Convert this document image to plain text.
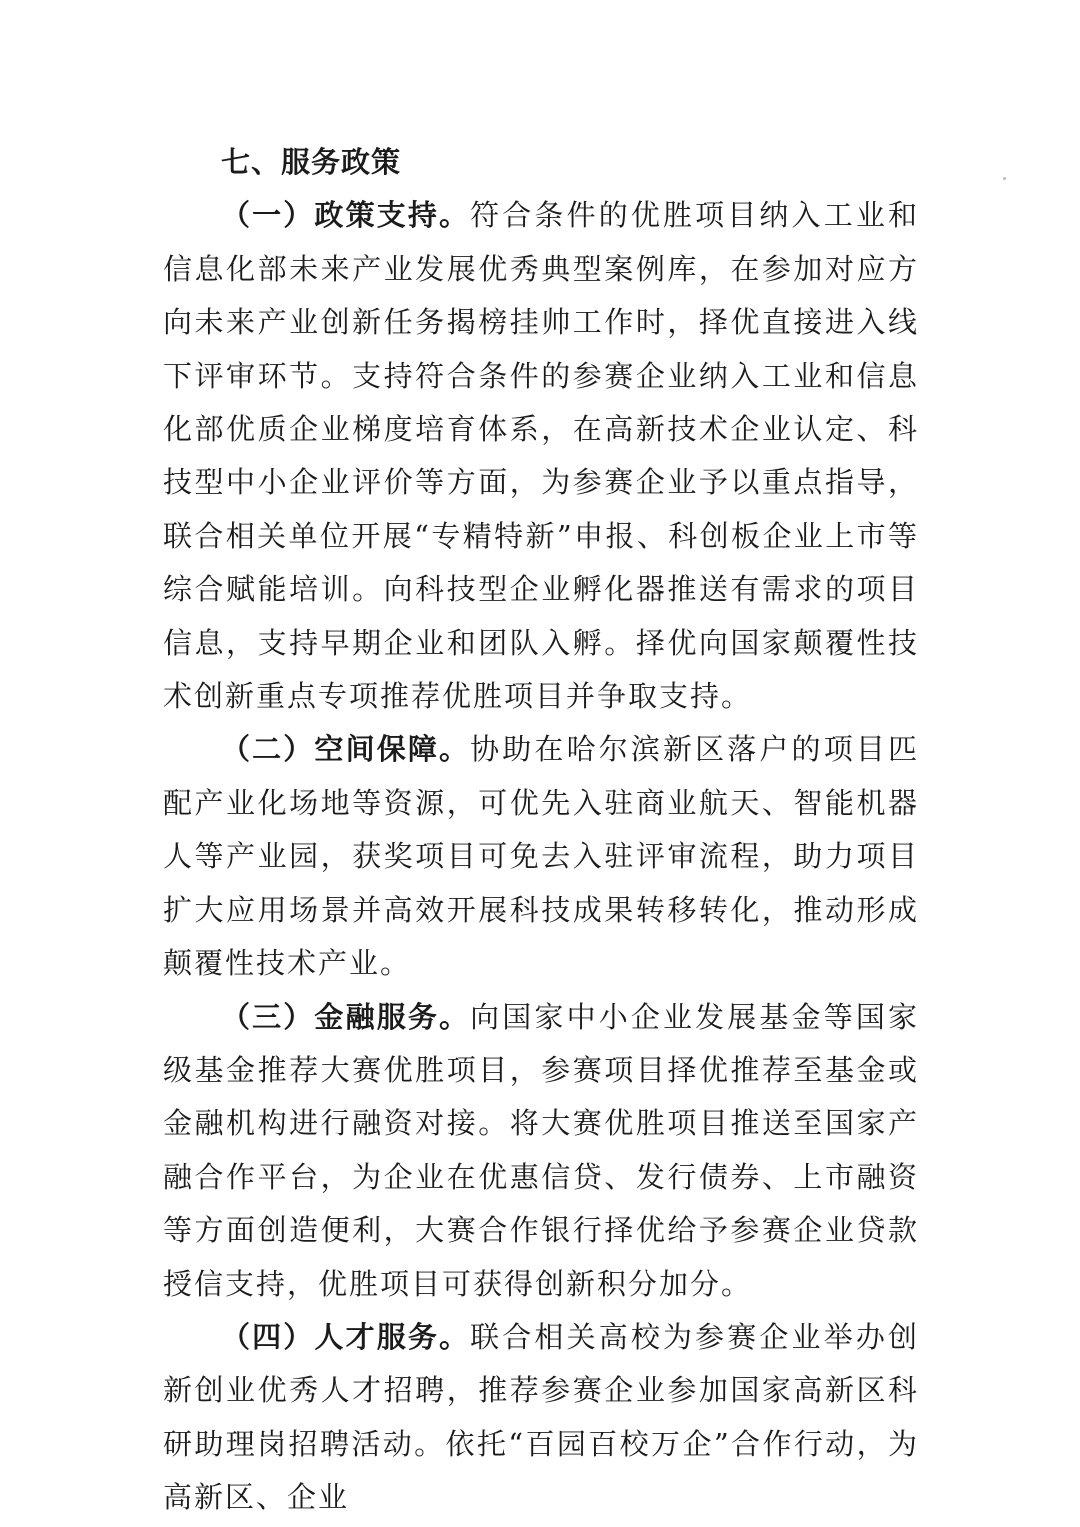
七、服务政策

（一）政策支持。符合条件的优胜项目纳入工业和信息化部未来产业发展优秀典型案例库，在参加对应方向未来产业创新任务揭榜挂帅工作时，择优直接进入线下评审环节。支持符合条件的参赛企业纳入工业和信息化部优质企业梯度培育体系，在高新技术企业认定、科技型中小企业评价等方面，为参赛企业予以重点指导，联合相关单位开展“专精特新”申报、科创板企业上市等综合赋能培训。向科技型企业孵化器推送有需求的项目信息，支持早期企业和团队入孵。择优向国家颠覆性技术创新重点专项推荐优胜项目并争取支持。

（二）空间保障。协助在哈尔滨新区落户的项目匹配产业化场地等资源，可优先入驻商业航天、智能机器人等产业园，获奖项目可免去入驻评审流程，助力项目扩大应用场景并高效开展科技成果转移转化，推动形成颠覆性技术产业。

（三）金融服务。向国家中小企业发展基金等国家级基金推荐大赛优胜项目，参赛项目择优推荐至基金或金融机构进行融资对接。将大赛优胜项目推送至国家产融合作平台，为企业在优惠信贷、发行债券、上市融资等方面创造便利，大赛合作银行择优给予参赛企业贷款授信支持，优胜项目可获得创新积分加分。

（四）人才服务。联合相关高校为参赛企业举办创新创业优秀人才招聘，推荐参赛企业参加国家高新区科研助理岗招聘活动。依托“百园百校万企”合作行动，为高新区、企业
